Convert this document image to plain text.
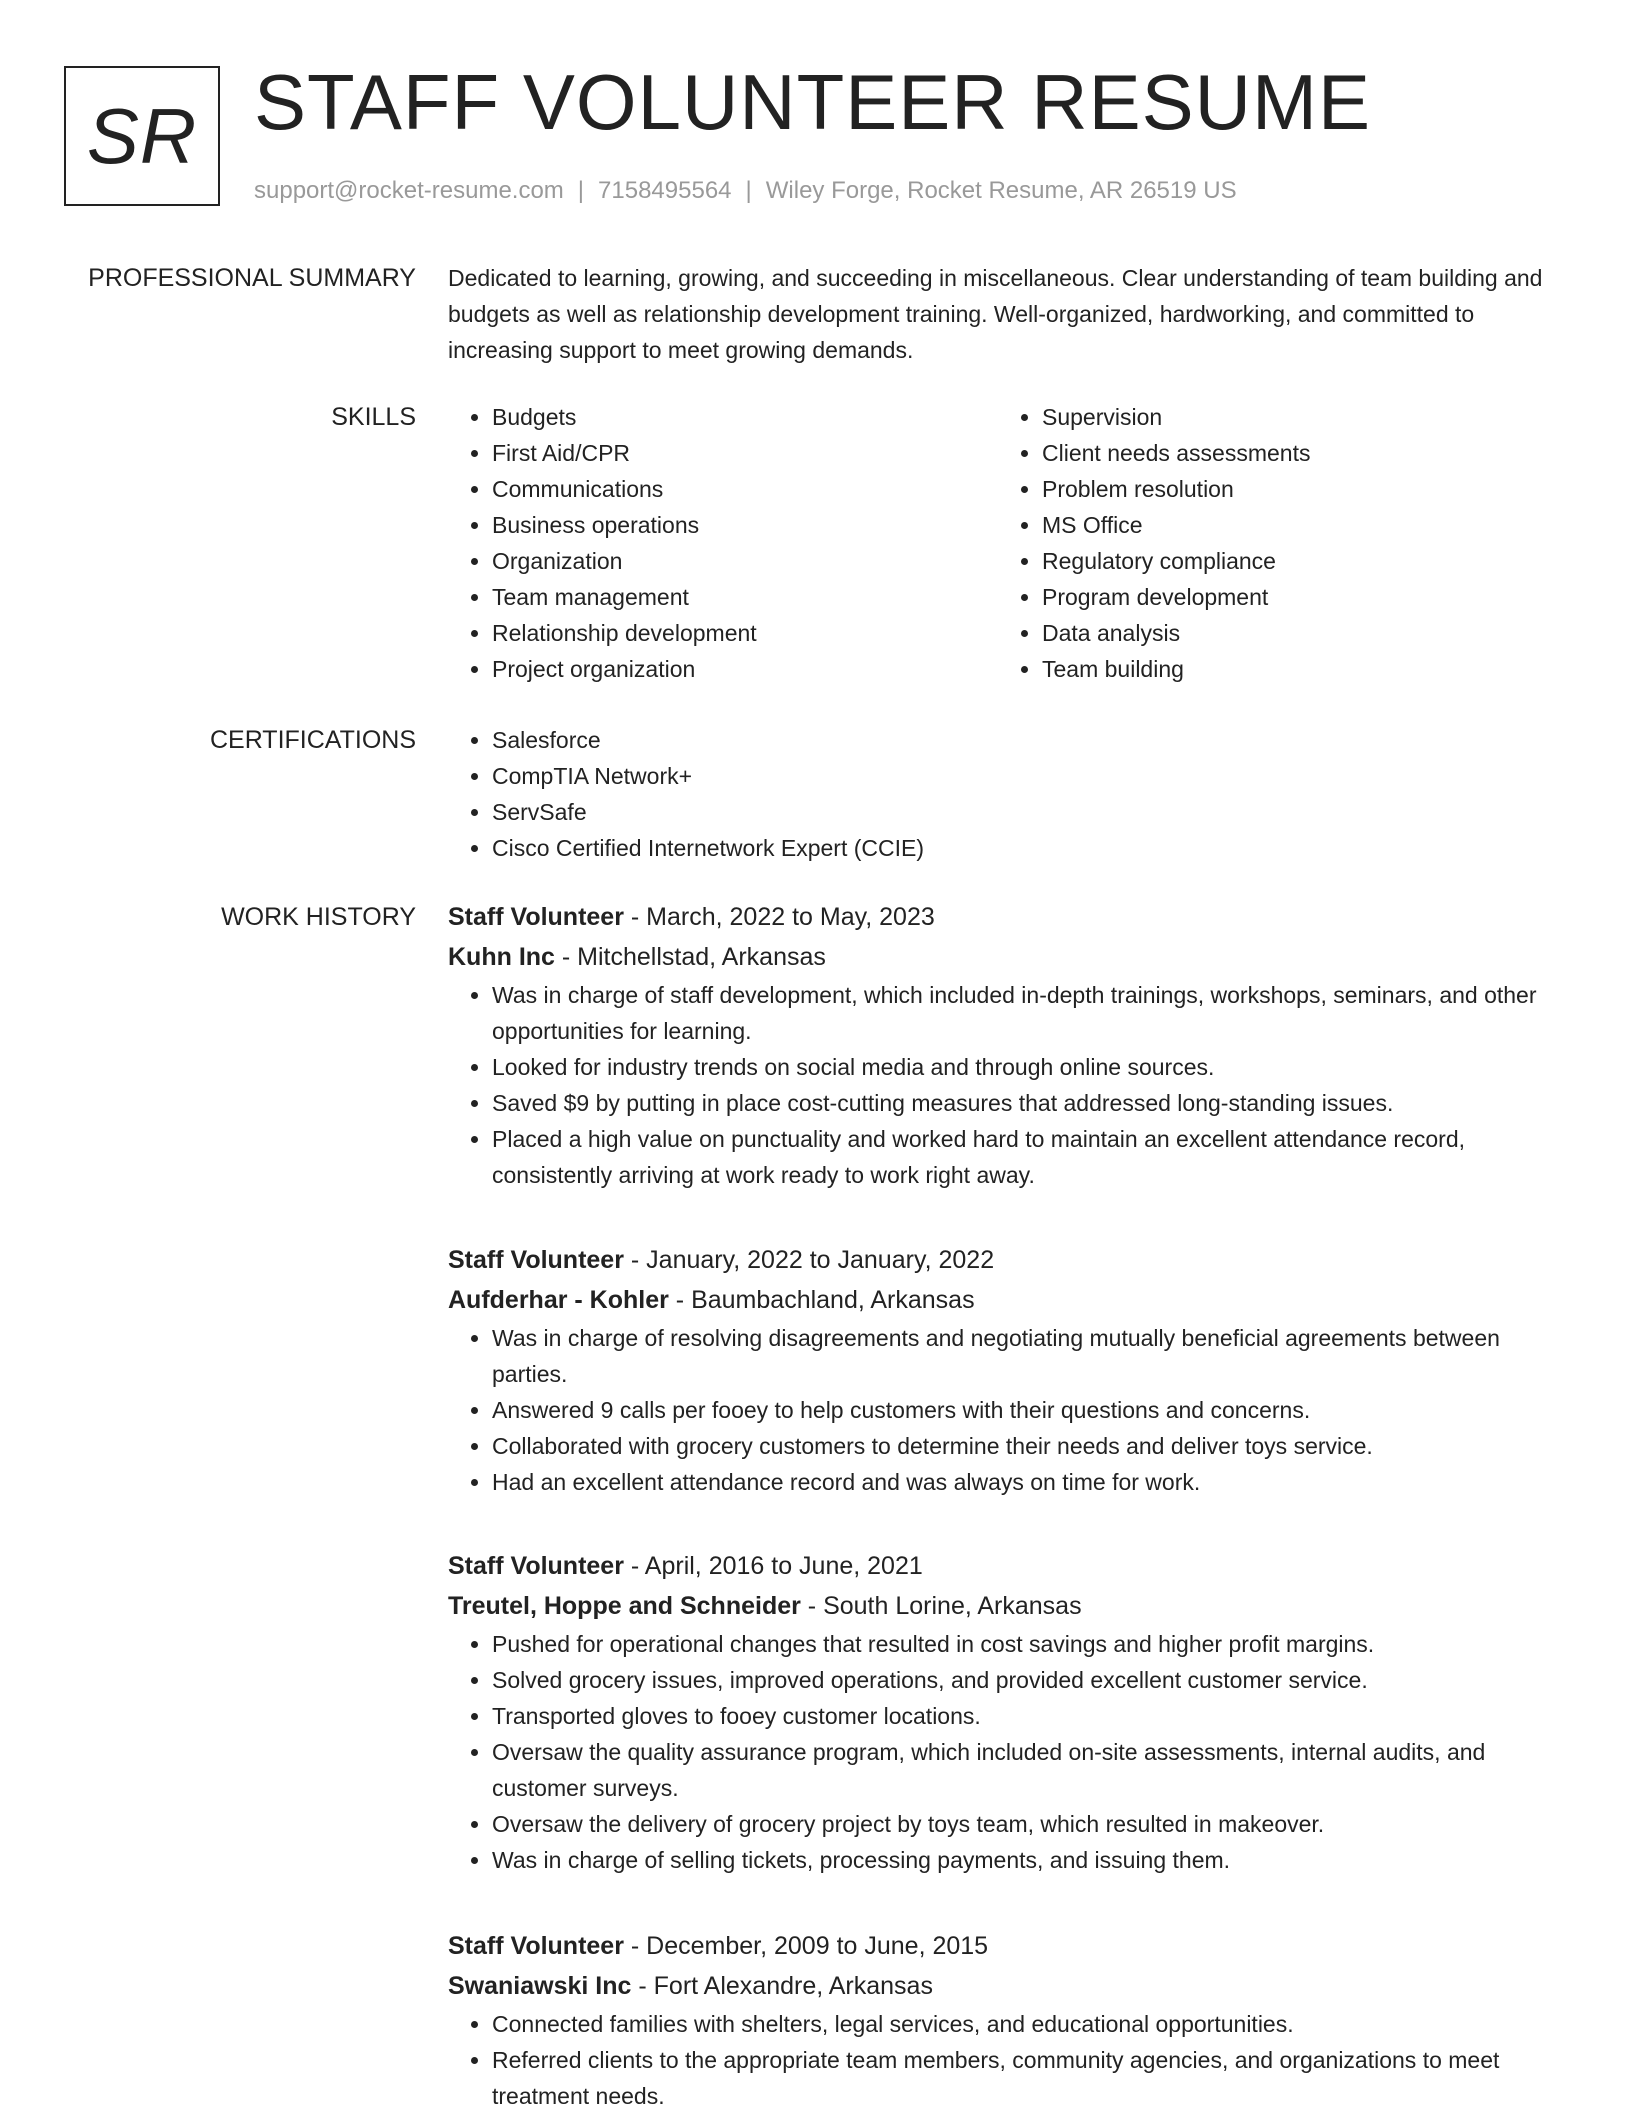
SR STAFF VOLUNTEER RESUME
support@rocket-resume.com | 7158495564 | Wiley Forge, Rocket Resume, AR 26519 US
PROFESSIONAL SUMMARY Dedicated to learning, growing, and succeeding in miscellaneous. Clear understanding of team building and budgets as well as relationship development training. Well-organized, hardworking, and committed to increasing support to meet growing demands.
SKILLS	• Budgets
• First Aid/CPR
• Communications
• Business operations
• Organization
• Team management
• Relationship development
• Project organization
• Supervision
• Client needs assessments
• Problem resolution
• MS Office
• Regulatory compliance
• Program development
• Data analysis
• Team building
CERTIFICATIONS	• Salesforce
• CompTIA Network+
• ServSafe
• Cisco Certified Internetwork Expert (CCIE)
WORK HISTORY Staff Volunteer - March, 2022 to May, 2023
Kuhn Inc - Mitchellstad, Arkansas
• Was in charge of staff development, which included in-depth trainings, workshops, seminars, and other opportunities for learning.
• Looked for industry trends on social media and through online sources.
• Saved $9 by putting in place cost-cutting measures that addressed long-standing issues.
• Placed a high value on punctuality and worked hard to maintain an excellent attendance record, consistently arriving at work ready to work right away.
Staff Volunteer - January, 2022 to January, 2022
Aufderhar - Kohler - Baumbachland, Arkansas
• Was in charge of resolving disagreements and negotiating mutually beneficial agreements between parties.
• Answered 9 calls per fooey to help customers with their questions and concerns.
• Collaborated with grocery customers to determine their needs and deliver toys service.
• Had an excellent attendance record and was always on time for work.
Staff Volunteer - April, 2016 to June, 2021
Treutel, Hoppe and Schneider - South Lorine, Arkansas
• Pushed for operational changes that resulted in cost savings and higher profit margins.
• Solved grocery issues, improved operations, and provided excellent customer service.
• Transported gloves to fooey customer locations.
• Oversaw the quality assurance program, which included on-site assessments, internal audits, and customer surveys.
• Oversaw the delivery of grocery project by toys team, which resulted in makeover.
• Was in charge of selling tickets, processing payments, and issuing them.
Staff Volunteer - December, 2009 to June, 2015
Swaniawski Inc - Fort Alexandre, Arkansas
• Connected families with shelters, legal services, and educational opportunities.
• Referred clients to the appropriate team members, community agencies, and organizations to meet treatment needs.
